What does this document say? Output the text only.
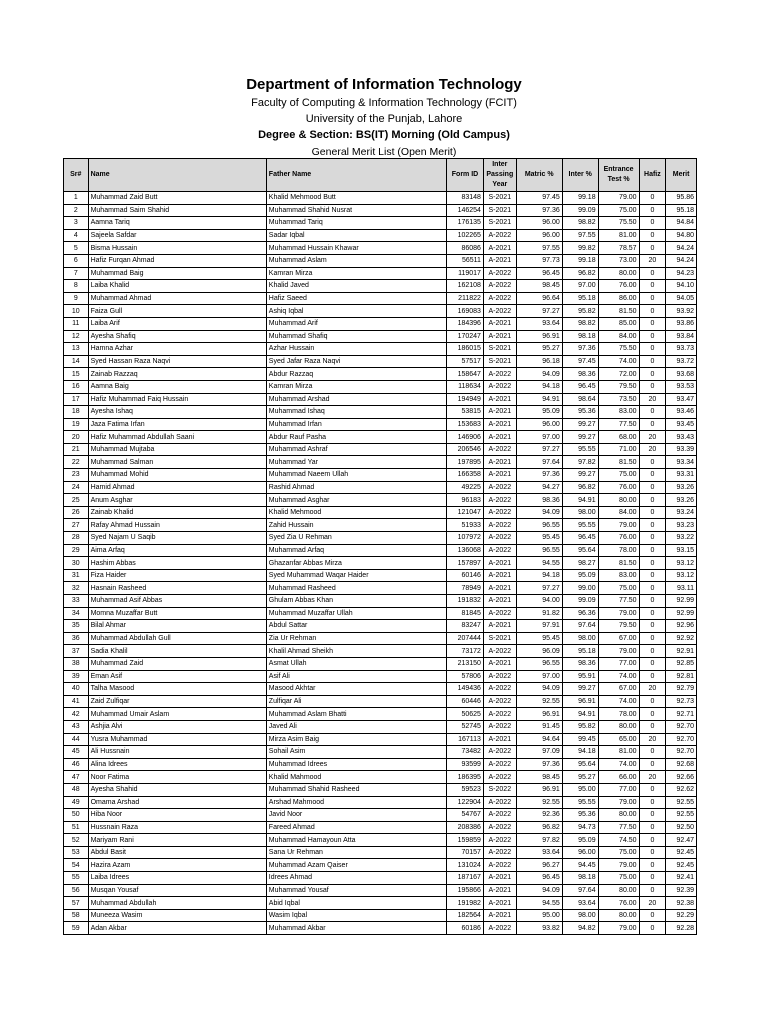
Department of Information Technology
Faculty of Computing & Information Technology (FCIT)
University of the Punjab, Lahore
Degree & Section: BS(IT) Morning (Old Campus)
General Merit List (Open Merit)
Sr#	Name	Father Name	Form ID	Inter Passing Year	Matric %	Inter %	Entrance Test %	Hafiz	Merit
1	Muhammad Zaid Butt	Khalid Mehmood Butt	83148	S-2021	97.45	99.18	79.00	0	95.86
2	Muhammad Saim Shahid	Muhammad Shahid Nusrat	146254	S-2021	97.36	99.09	75.00	0	95.18
3	Aamna Tariq	Muhammad Tariq	176135	S-2021	96.00	98.82	75.50	0	94.84
4	Sajeela Safdar	Sadar Iqbal	102265	A-2022	96.00	97.55	81.00	0	94.80
5	Bisma Hussain	Muhammad Hussain Khawar	86086	A-2021	97.55	99.82	78.57	0	94.24
6	Hafiz Furqan Ahmad	Muhammad Aslam	56511	A-2021	97.73	99.18	73.00	20	94.24
7	Muhammad Baig	Kamran Mirza	119017	A-2022	96.45	96.82	80.00	0	94.23
8	Laiba Khalid	Khalid Javed	162108	A-2022	98.45	97.00	76.00	0	94.10
9	Muhammad Ahmad	Hafiz Saeed	211822	A-2022	96.64	95.18	86.00	0	94.05
10	Faiza Gull	Ashiq Iqbal	169083	A-2022	97.27	95.82	81.50	0	93.92
11	Laiba Arif	Muhammad Arif	184396	A-2021	93.64	98.82	85.00	0	93.86
12	Ayesha Shafiq	Muhammad Shafiq	170247	A-2021	96.91	98.18	84.00	0	93.84
13	Hamna Azhar	Azhar Hussain	186015	S-2021	95.27	97.36	75.50	0	93.73
14	Syed Hassan Raza Naqvi	Syed Jafar Raza Naqvi	57517	S-2021	96.18	97.45	74.00	0	93.72
15	Zainab Razzaq	Abdur Razzaq	158647	A-2022	94.09	98.36	72.00	0	93.68
16	Aamna Baig	Kamran Mirza	118634	A-2022	94.18	96.45	79.50	0	93.53
17	Hafiz Muhammad Faiq Hussain	Muhammad Arshad	194949	A-2021	94.91	98.64	73.50	20	93.47
18	Ayesha Ishaq	Muhammad Ishaq	53815	A-2021	95.09	95.36	83.00	0	93.46
19	Jaza Fatima Irfan	Muhammad Irfan	153683	A-2021	96.00	99.27	77.50	0	93.45
20	Hafiz Muhammad Abdullah Saani	Abdur Rauf Pasha	146906	A-2021	97.00	99.27	68.00	20	93.43
21	Muhammad Mujtaba	Muhammad Ashraf	206546	A-2022	97.27	95.55	71.00	20	93.39
22	Muhammad Salman	Muhammad Yar	197895	A-2021	97.64	97.82	81.50	0	93.34
23	Muhammad Mohid	Muhammad Naeem Ullah	166358	A-2021	97.36	99.27	75.00	0	93.31
24	Hamid Ahmad	Rashid Ahmad	49225	A-2022	94.27	96.82	76.00	0	93.26
25	Anum Asghar	Muhammad Asghar	96183	A-2022	98.36	94.91	80.00	0	93.26
26	Zainab Khalid	Khalid Mehmood	121047	A-2022	94.09	98.00	84.00	0	93.24
27	Rafay Ahmad Hussain	Zahid Hussain	51933	A-2022	96.55	95.55	79.00	0	93.23
28	Syed Najam U Saqib	Syed Zia U Rehman	107972	A-2022	95.45	96.45	76.00	0	93.22
29	Aima Arfaq	Muhammad Arfaq	136068	A-2022	96.55	95.64	78.00	0	93.15
30	Hashim Abbas	Ghazanfar Abbas Mirza	157897	A-2021	94.55	98.27	81.50	0	93.12
31	Fiza Haider	Syed Muhammad Waqar Haider	60146	A-2021	94.18	95.09	83.00	0	93.12
32	Hasnain Rasheed	Muhammad Rasheed	78949	A-2021	97.27	99.00	75.00	0	93.11
33	Muhammad Asif Abbas	Ghulam Abbas Khan	191832	A-2021	94.00	99.09	77.50	0	92.99
34	Momna Muzaffar Butt	Muhammad Muzaffar Ullah	81845	A-2022	91.82	96.36	79.00	0	92.99
35	Bilal Ahmar	Abdul Sattar	83247	A-2021	97.91	97.64	79.50	0	92.96
36	Muhammad Abdullah Gull	Zia Ur Rehman	207444	S-2021	95.45	98.00	67.00	0	92.92
37	Sadia Khalil	Khalil Ahmad Sheikh	73172	A-2022	96.09	95.18	79.00	0	92.91
38	Muhammad Zaid	Asmat Ullah	213150	A-2021	96.55	98.36	77.00	0	92.85
39	Eman Asif	Asif Ali	57806	A-2022	97.00	95.91	74.00	0	92.81
40	Talha Masood	Masood Akhtar	149436	A-2022	94.09	99.27	67.00	20	92.79
41	Zaid Zulfiqar	Zulfiqar Ali	60446	A-2022	92.55	96.91	74.00	0	92.73
42	Muhammad Umair Aslam	Muhammad Aslam Bhatti	50625	A-2022	96.91	94.91	78.00	0	92.71
43	Ashjia Alvi	Javed Ali	52745	A-2022	91.45	95.82	80.00	0	92.70
44	Yusra Muhammad	Mirza Asim Baig	167113	A-2021	94.64	99.45	65.00	20	92.70
45	Ali Hussnain	Sohail Asim	73482	A-2022	97.09	94.18	81.00	0	92.70
46	Alina Idrees	Muhammad Idrees	93599	A-2022	97.36	95.64	74.00	0	92.68
47	Noor Fatima	Khalid Mahmood	186395	A-2022	98.45	95.27	66.00	20	92.66
48	Ayesha Shahid	Muhammad Shahid Rasheed	59523	S-2022	96.91	95.00	77.00	0	92.62
49	Omama Arshad	Arshad Mahmood	122904	A-2022	92.55	95.55	79.00	0	92.55
50	Hiba Noor	Javid Noor	54767	A-2022	92.36	95.36	80.00	0	92.55
51	Hussnain Raza	Fareed Ahmad	208386	A-2022	96.82	94.73	77.50	0	92.50
52	Mariyam Rani	Muhammad Hamayoun Atta	159859	A-2022	97.82	95.09	74.50	0	92.47
53	Abdul Basit	Sana Ur Rehman	70157	A-2022	93.64	96.00	75.00	0	92.45
54	Hazira Azam	Muhammad Azam Qaiser	131024	A-2022	96.27	94.45	79.00	0	92.45
55	Laiba Idrees	Idrees Ahmad	187167	A-2021	96.45	98.18	75.00	0	92.41
56	Musqan Yousaf	Muhammad Yousaf	195866	A-2021	94.09	97.64	80.00	0	92.39
57	Muhammad Abdullah	Abid Iqbal	191982	A-2021	94.55	93.64	76.00	20	92.38
58	Muneeza Wasim	Wasim Iqbal	182564	A-2021	95.00	98.00	80.00	0	92.29
59	Adan Akbar	Muhammad Akbar	60186	A-2022	93.82	94.82	79.00	0	92.28
